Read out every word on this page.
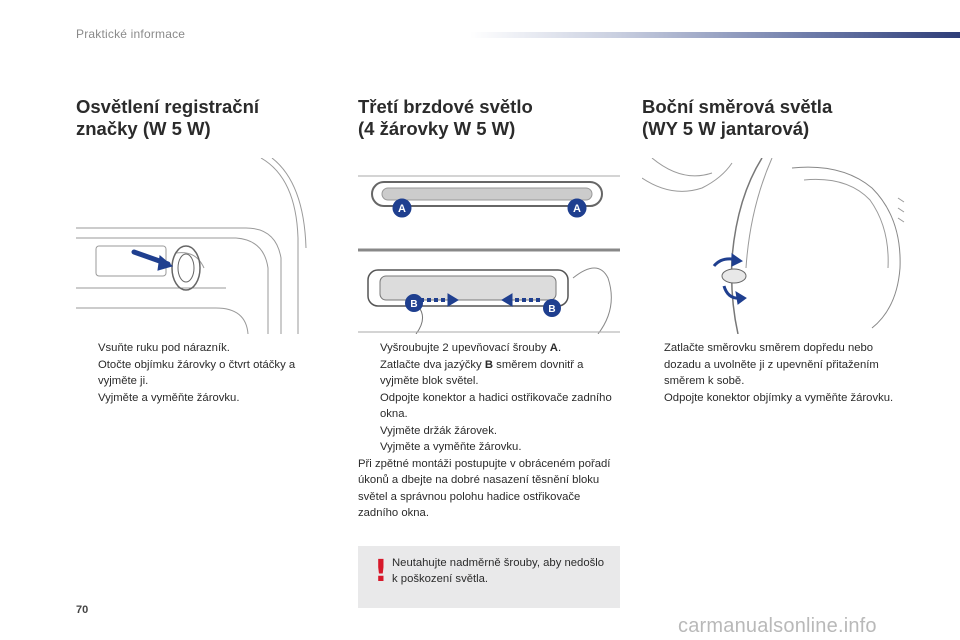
Praktické informace
Osvětlení registrační
značky (W 5 W)
Vsuňte ruku pod nárazník.
Otočte objímku žárovky o čtvrt otáčky a vyjměte ji.
Vyjměte a vyměňte žárovku.
Třetí brzdové světlo
(4 žárovky W 5 W)
A	A
B	B
Vyšroubujte 2 upevňovací šrouby A.
Zatlačte dva jazýčky B směrem dovnitř a vyjměte blok světel.
Odpojte konektor a hadici ostřikovače zadního okna.
Vyjměte držák žárovek.
Vyjměte a vyměňte žárovku.
Při zpětné montáži postupujte v obráceném pořadí úkonů a dbejte na dobré nasazení těsnění bloku světel a správnou polohu hadice ostřikovače zadního okna.
! Neutahujte nadměrně šrouby, aby nedošlo k poškození světla.
Boční směrová světla
(WY 5 W jantarová)
Zatlačte směrovku směrem dopředu nebo dozadu a uvolněte ji z upevnění přitažením směrem k sobě.
Odpojte konektor objímky a vyměňte žárovku.
70
carmanualsonline.info
